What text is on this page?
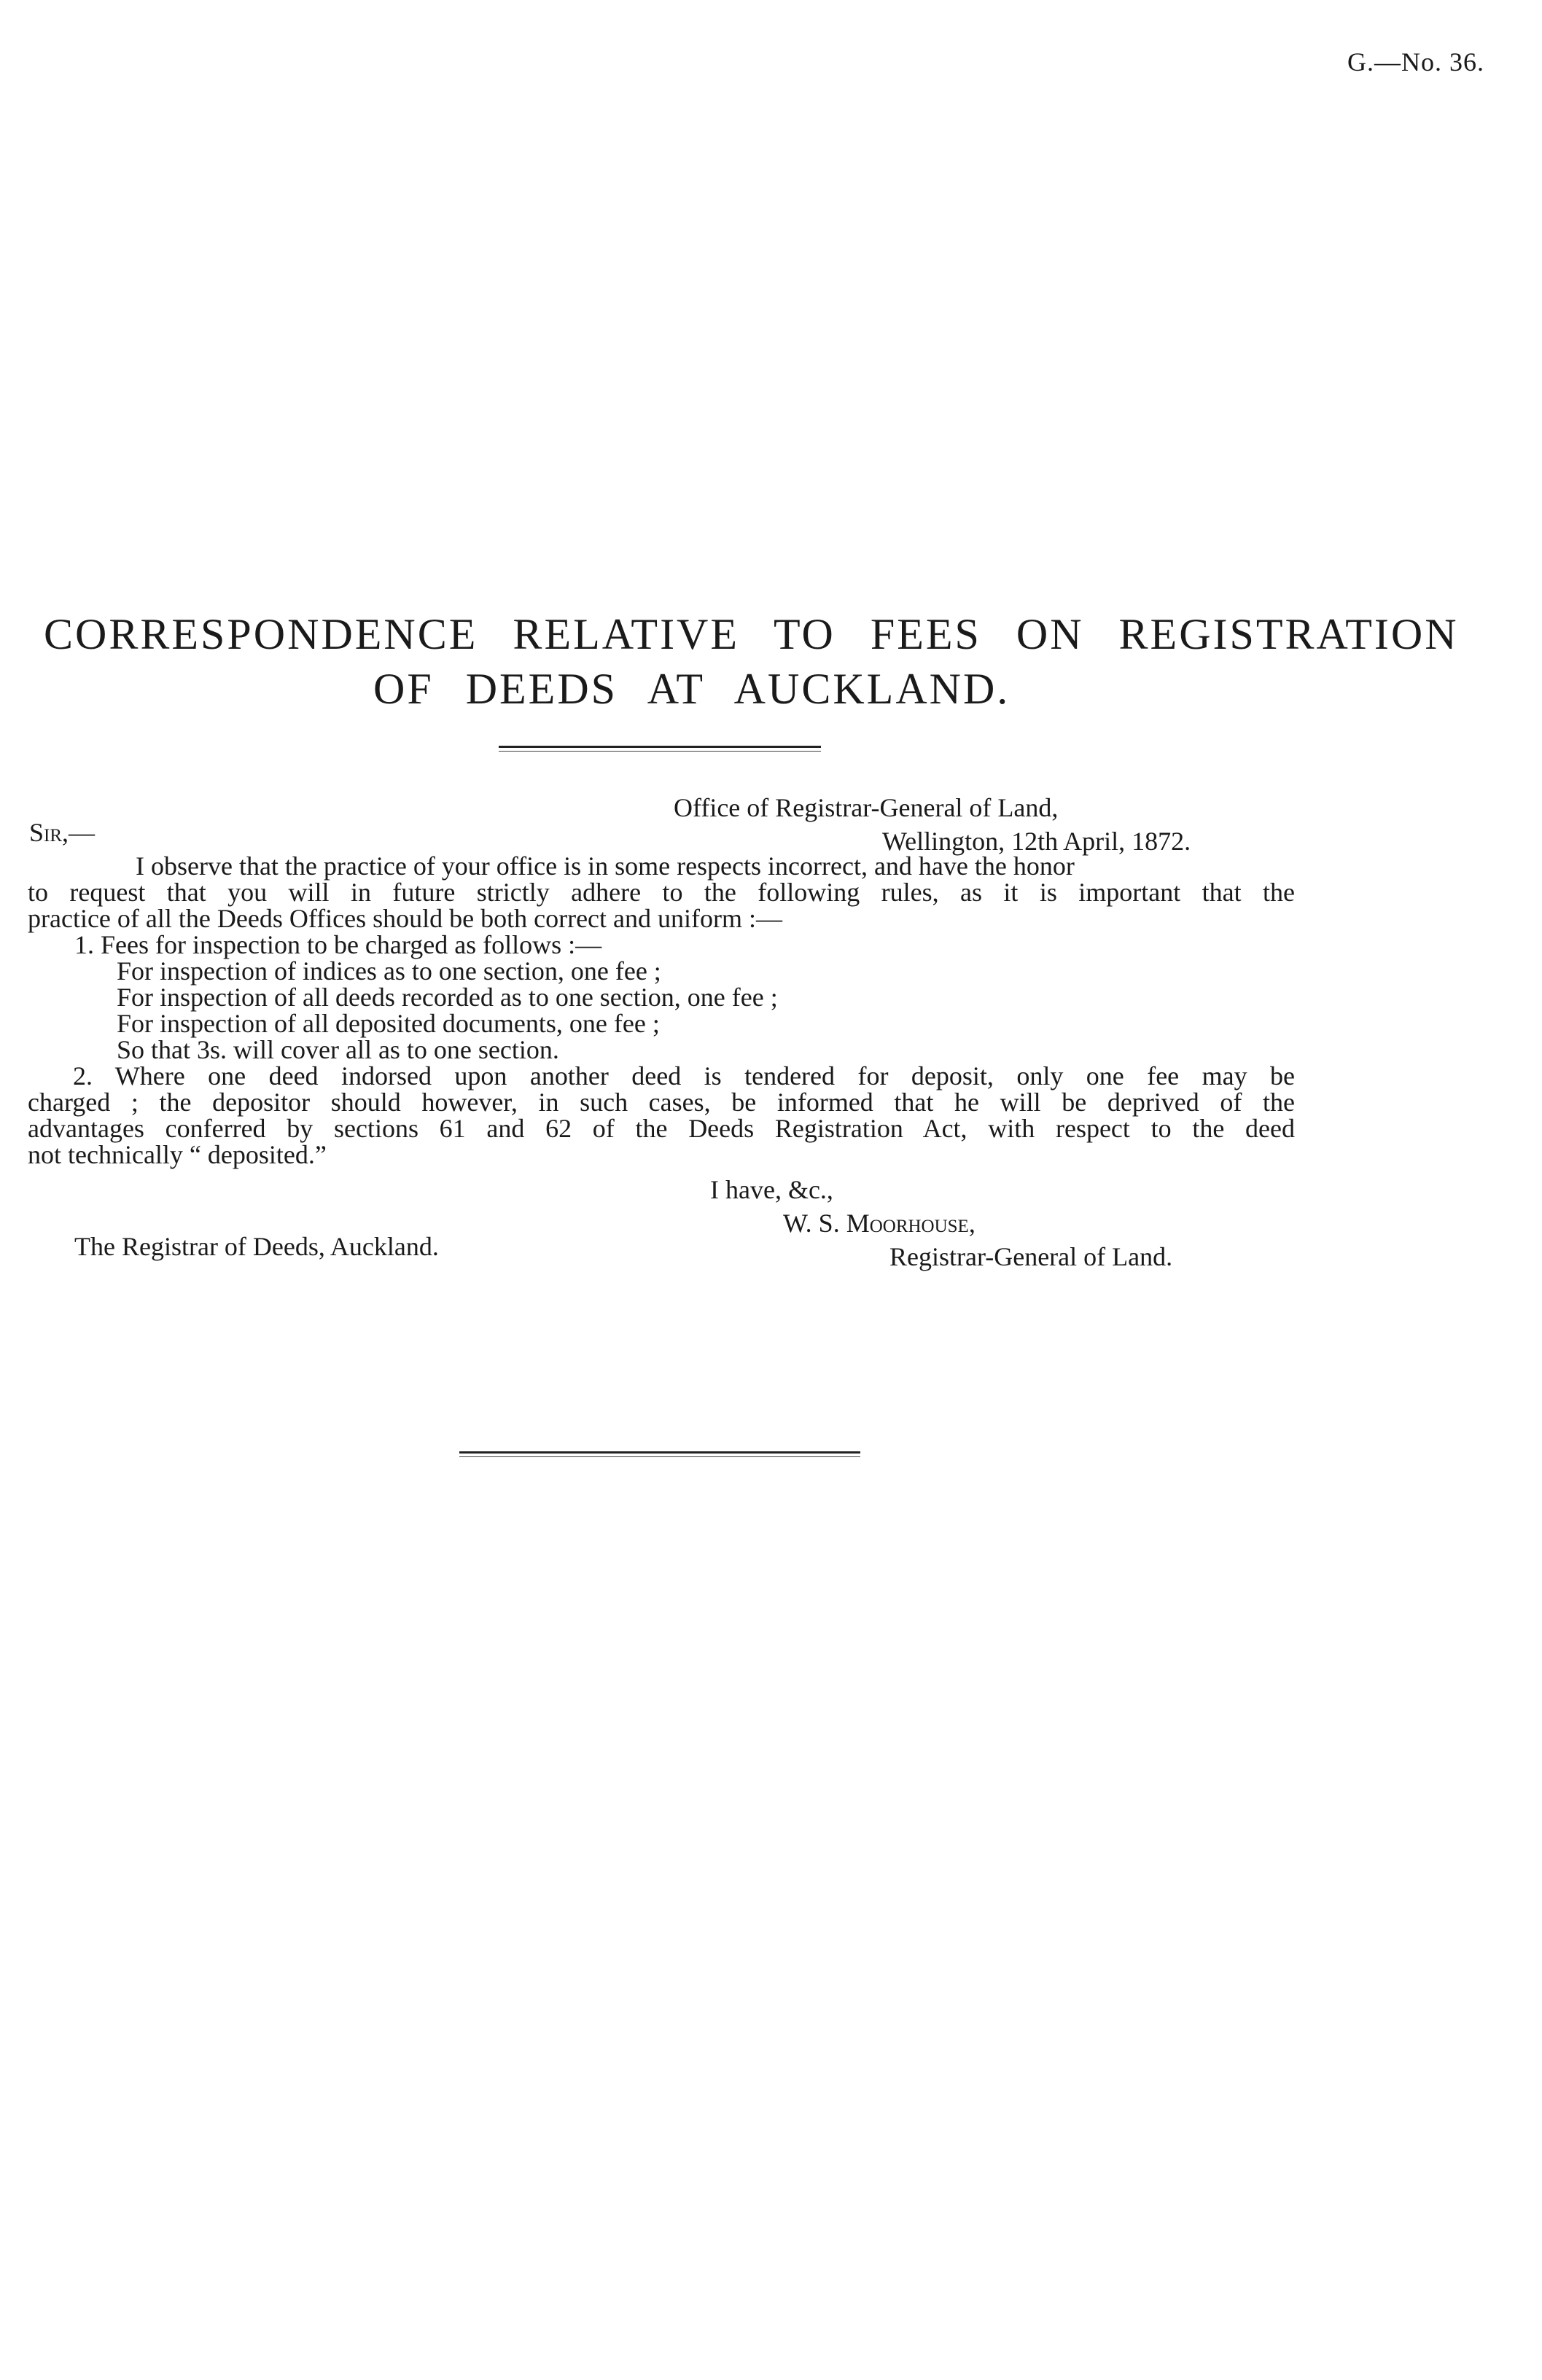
G.—No. 36.
CORRESPONDENCE RELATIVE TO FEES ON REGISTRATION
OF DEEDS AT AUCKLAND.
Office of Registrar-General of Land,
Sir,—	Wellington, 12th April, 1872.
I observe that the practice of your office is in some respects incorrect, and have the honor
to request that you will in future strictly adhere to the following rules, as it is important that the
practice of all the Deeds Offices should be both correct and uniform :—
1. Fees for inspection to be charged as follows :—
For inspection of indices as to one section, one fee ;
For inspection of all deeds recorded as to one section, one fee ;
For inspection of all deposited documents, one fee ;
So that 3s. will cover all as to one section.
2. Where one deed indorsed upon another deed is tendered for deposit, only one fee may be
charged ; the depositor should however, in such cases, be informed that he will be deprived of the
advantages conferred by sections 61 and 62 of the Deeds Registration Act, with respect to the deed
not technically “ deposited.”
I have, &c.,
W. S. Moorhouse,
The Registrar of Deeds, Auckland.	Registrar-General of Land.
